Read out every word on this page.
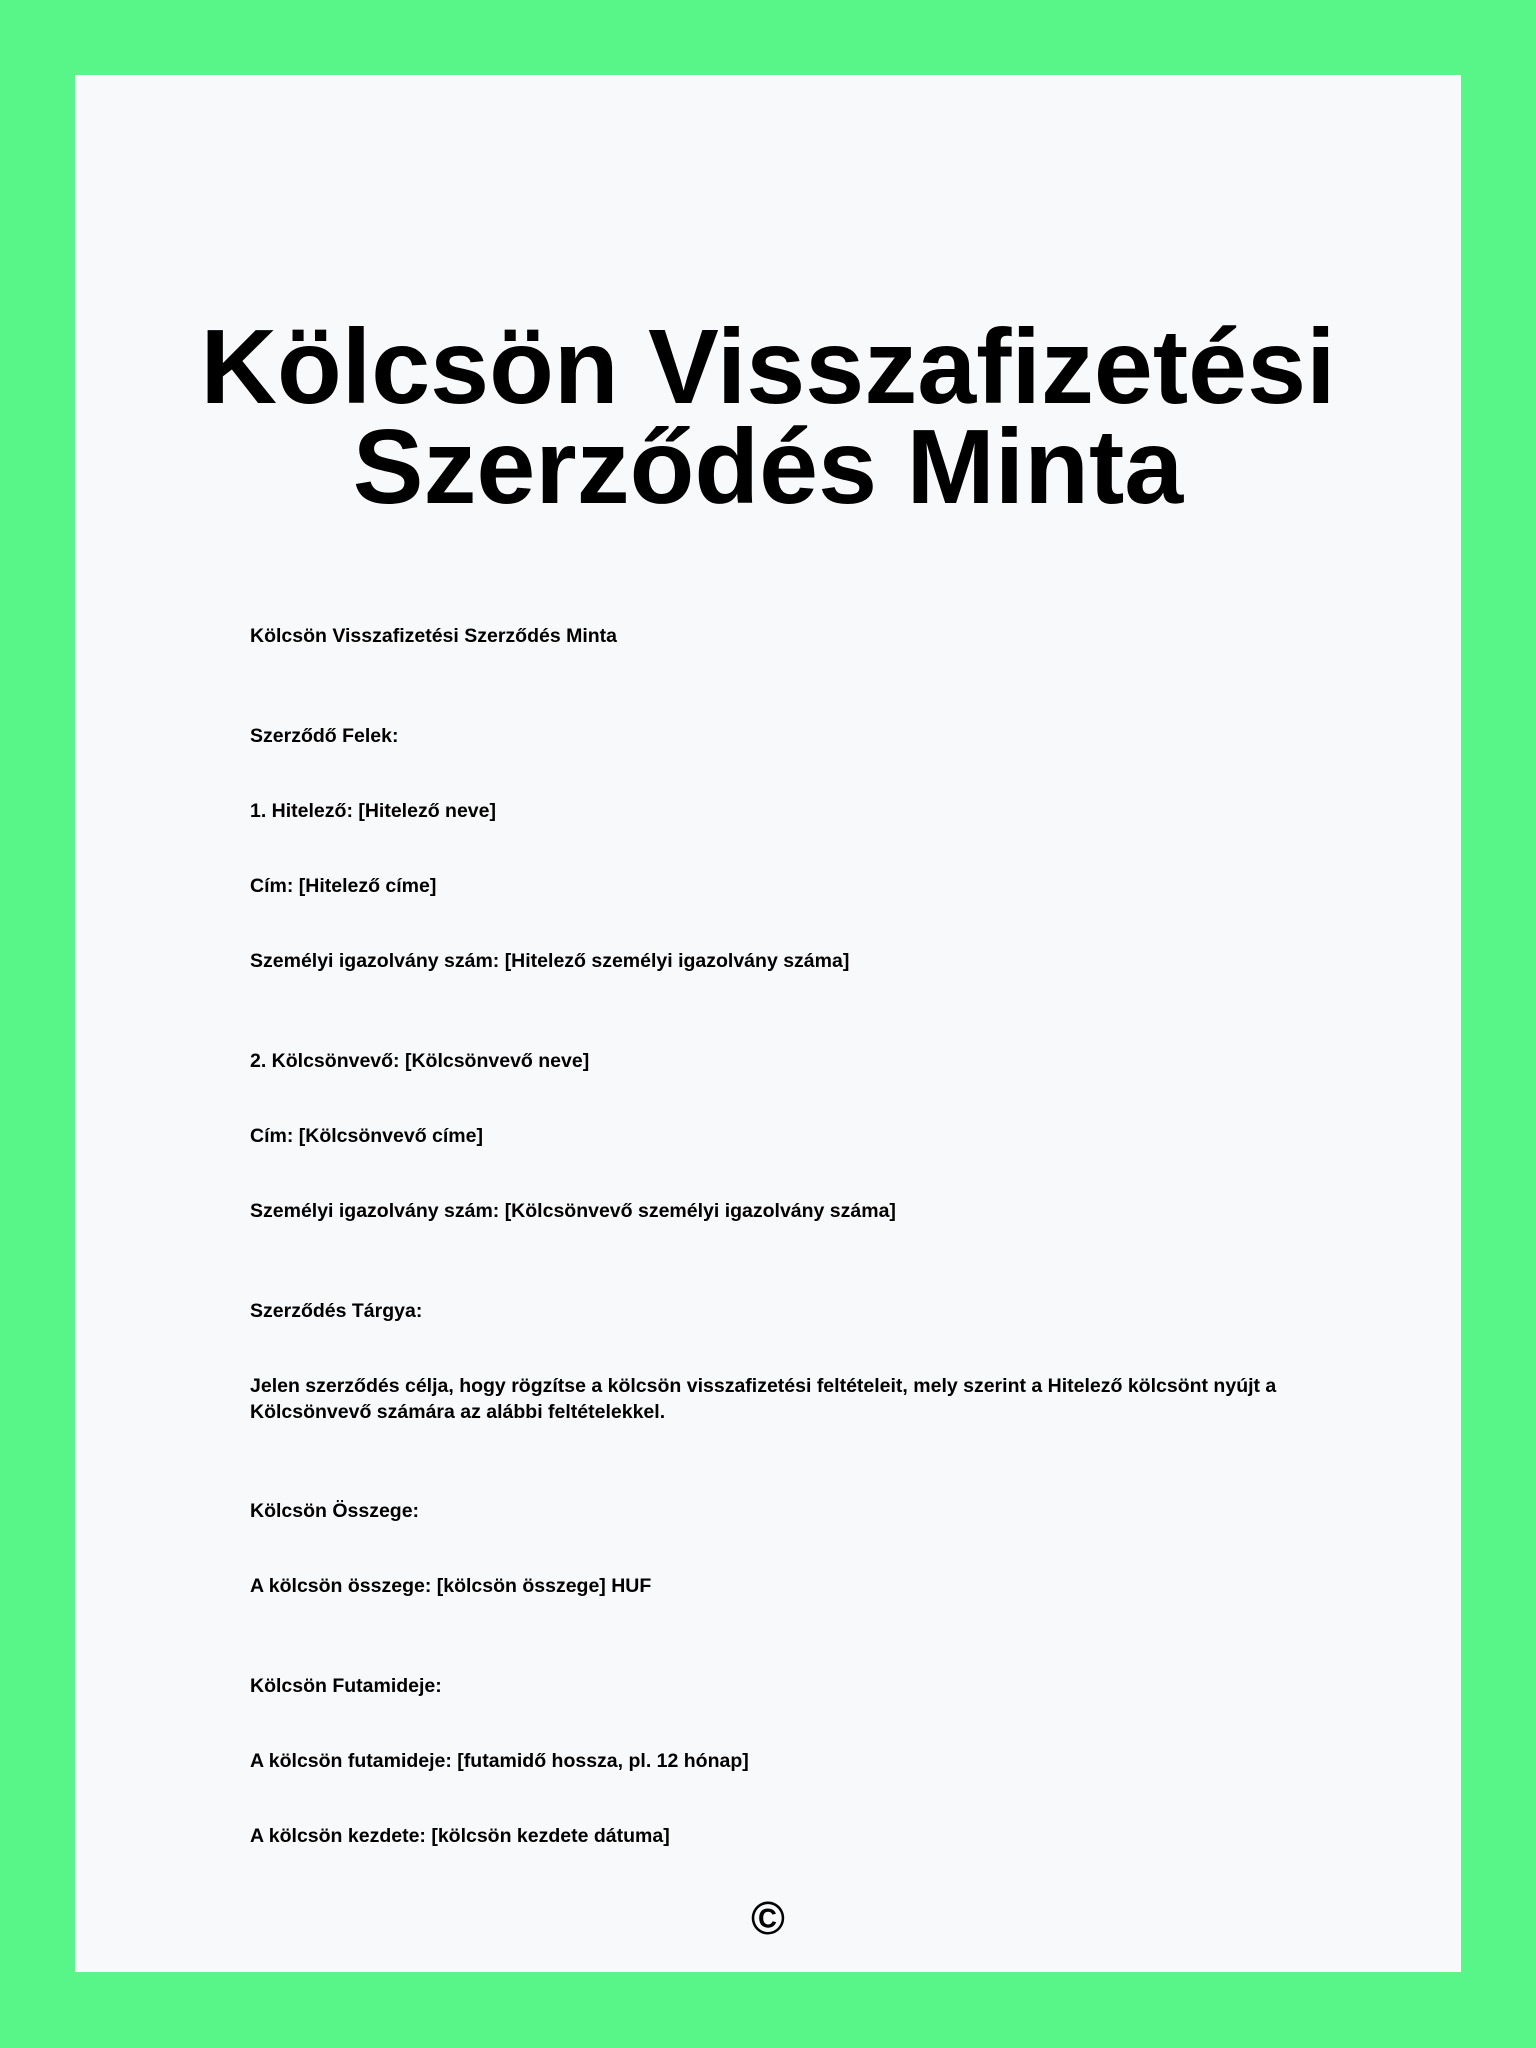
Kölcsön Visszafizetési Szerződés Minta

Kölcsön Visszafizetési Szerződés Minta

Szerződő Felek:

1. Hitelező: [Hitelező neve]

Cím: [Hitelező címe]

Személyi igazolvány szám: [Hitelező személyi igazolvány száma]

2. Kölcsönvevő: [Kölcsönvevő neve]

Cím: [Kölcsönvevő címe]

Személyi igazolvány szám: [Kölcsönvevő személyi igazolvány száma]

Szerződés Tárgya:

Jelen szerződés célja, hogy rögzítse a kölcsön visszafizetési feltételeit, mely szerint a Hitelező kölcsönt nyújt a Kölcsönvevő számára az alábbi feltételekkel.

Kölcsön Összege:

A kölcsön összege: [kölcsön összege] HUF

Kölcsön Futamideje:

A kölcsön futamideje: [futamidő hossza, pl. 12 hónap]

A kölcsön kezdete: [kölcsön kezdete dátuma]

©
